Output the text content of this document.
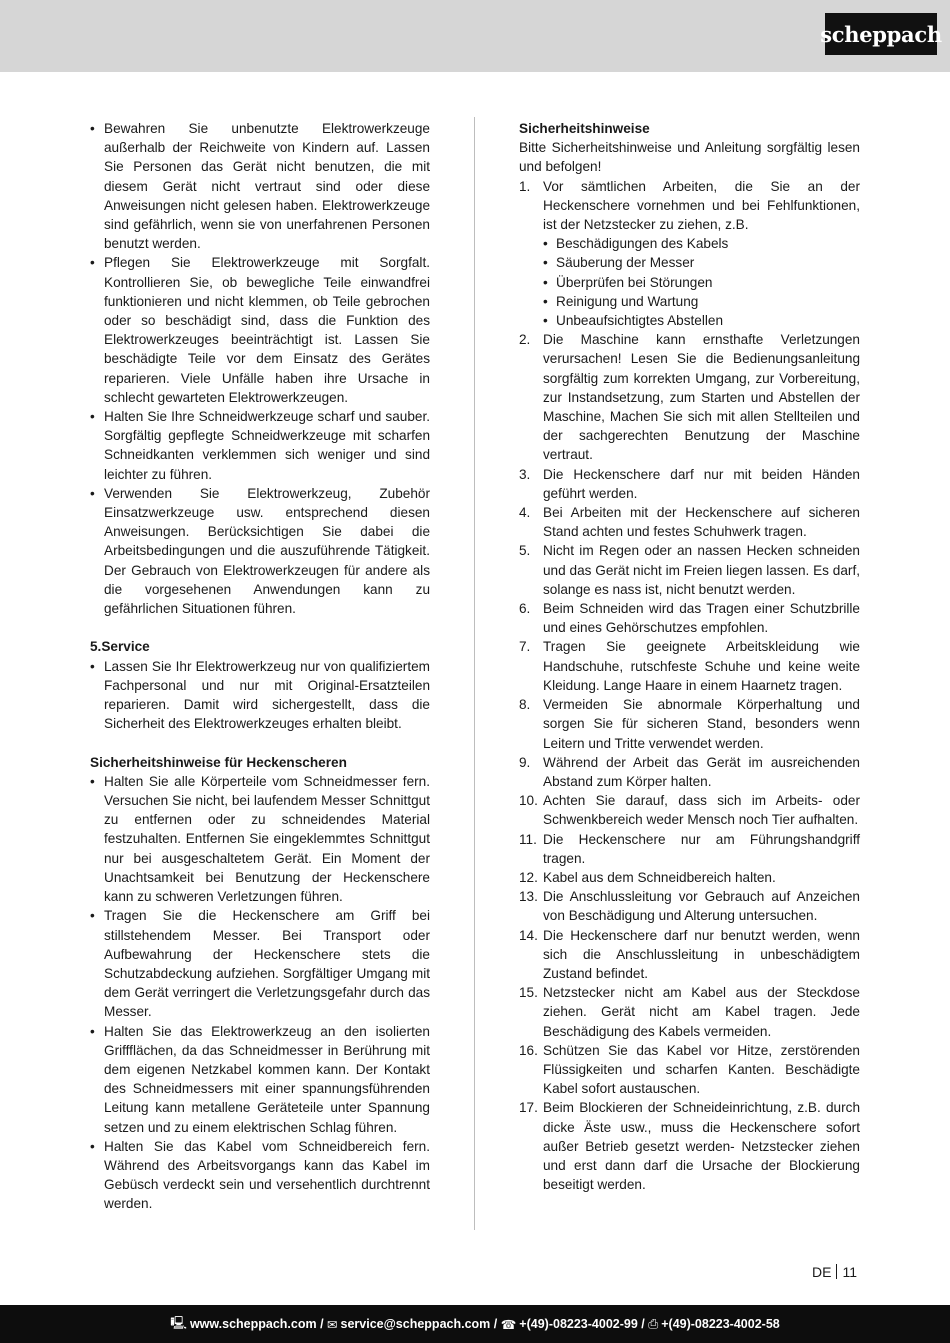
scheppach
• Bewahren Sie unbenutzte Elektrowerkzeuge außerhalb der Reichweite von Kindern auf. Lassen Sie Personen das Gerät nicht benutzen, die mit diesem Gerät nicht vertraut sind oder diese Anweisungen nicht gelesen haben. Elektrowerkzeuge sind gefährlich, wenn sie von unerfahrenen Personen benutzt werden.
• Pflegen Sie Elektrowerkzeuge mit Sorgfalt. Kontrollieren Sie, ob bewegliche Teile einwandfrei funktionieren und nicht klemmen, ob Teile gebrochen oder so beschädigt sind, dass die Funktion des Elektrowerkzeuges beeinträchtigt ist. Lassen Sie beschädigte Teile vor dem Einsatz des Gerätes reparieren. Viele Unfälle haben ihre Ursache in schlecht gewarteten Elektrowerkzeugen.
• Halten Sie Ihre Schneidwerkzeuge scharf und sauber. Sorgfältig gepflegte Schneidwerkzeuge mit scharfen Schneidkanten verklemmen sich weniger und sind leichter zu führen.
• Verwenden Sie Elektrowerkzeug, Zubehör Einsatzwerkzeuge usw. entsprechend diesen Anweisungen. Berücksichtigen Sie dabei die Arbeitsbedingungen und die auszuführende Tätigkeit. Der Gebrauch von Elektrowerkzeugen für andere als die vorgesehenen Anwendungen kann zu gefährlichen Situationen führen.

5.Service

• Lassen Sie Ihr Elektrowerkzeug nur von qualifiziertem Fachpersonal und nur mit Original-Ersatzteilen reparieren. Damit wird sichergestellt, dass die Sicherheit des Elektrowerkzeuges erhalten bleibt.

Sicherheitshinweise für Heckenscheren

• Halten Sie alle Körperteile vom Schneidmesser fern. Versuchen Sie nicht, bei laufendem Messer Schnittgut zu entfernen oder zu schneidendes Material festzuhalten. Entfernen Sie eingeklemmtes Schnittgut nur bei ausgeschaltetem Gerät. Ein Moment der Unachtsamkeit bei Benutzung der Heckenschere kann zu schweren Verletzungen führen.
• Tragen Sie die Heckenschere am Griff bei stillstehendem Messer. Bei Transport oder Aufbewahrung der Heckenschere stets die Schutzabdeckung aufziehen. Sorgfältiger Umgang mit dem Gerät verringert die Verletzungsgefahr durch das Messer.
• Halten Sie das Elektrowerkzeug an den isolierten Griffflächen, da das Schneidmesser in Berührung mit dem eigenen Netzkabel kommen kann. Der Kontakt des Schneidmessers mit einer spannungsführenden Leitung kann metallene Geräteteile unter Spannung setzen und zu einem elektrischen Schlag führen.
• Halten Sie das Kabel vom Schneidbereich fern. Während des Arbeitsvorgangs kann das Kabel im Gebüsch verdeckt sein und versehentlich durchtrennt werden.

Sicherheitshinweise

Bitte Sicherheitshinweise und Anleitung sorgfältig lesen und befolgen!

1. Vor sämtlichen Arbeiten, die Sie an der Heckenschere vornehmen und bei Fehlfunktionen, ist der Netzstecker zu ziehen, z.B.
• Beschädigungen des Kabels
• Säuberung der Messer
• Überprüfen bei Störungen
• Reinigung und Wartung
• Unbeaufsichtigtes Abstellen
2. Die Maschine kann ernsthafte Verletzungen verursachen! Lesen Sie die Bedienungsanleitung sorgfältig zum korrekten Umgang, zur Vorbereitung, zur Instandsetzung, zum Starten und Abstellen der Maschine, Machen Sie sich mit allen Stellteilen und der sachgerechten Benutzung der Maschine vertraut.
3. Die Heckenschere darf nur mit beiden Händen geführt werden.
4. Bei Arbeiten mit der Heckenschere auf sicheren Stand achten und festes Schuhwerk tragen.
5. Nicht im Regen oder an nassen Hecken schneiden und das Gerät nicht im Freien liegen lassen. Es darf, solange es nass ist, nicht benutzt werden.
6. Beim Schneiden wird das Tragen einer Schutzbrille und eines Gehörschutzes empfohlen.
7. Tragen Sie geeignete Arbeitskleidung wie Handschuhe, rutschfeste Schuhe und keine weite Kleidung. Lange Haare in einem Haarnetz tragen.
8. Vermeiden Sie abnormale Körperhaltung und sorgen Sie für sicheren Stand, besonders wenn Leitern und Tritte verwendet werden.
9. Während der Arbeit das Gerät im ausreichenden Abstand zum Körper halten.
10. Achten Sie darauf, dass sich im Arbeits- oder Schwenkbereich weder Mensch noch Tier aufhalten.
11. Die Heckenschere nur am Führungshandgriff tragen.
12. Kabel aus dem Schneidbereich halten.
13. Die Anschlussleitung vor Gebrauch auf Anzeichen von Beschädigung und Alterung untersuchen.
14. Die Heckenschere darf nur benutzt werden, wenn sich die Anschlussleitung in unbeschädigtem Zustand befindet.
15. Netzstecker nicht am Kabel aus der Steckdose ziehen. Gerät nicht am Kabel tragen. Jede Beschädigung des Kabels vermeiden.
16. Schützen Sie das Kabel vor Hitze, zerstörenden Flüssigkeiten und scharfen Kanten. Beschädigte Kabel sofort austauschen.
17. Beim Blockieren der Schneideinrichtung, z.B. durch dicke Äste usw., muss die Heckenschere sofort außer Betrieb gesetzt werden- Netzstecker ziehen und erst dann darf die Ursache der Blockierung beseitigt werden.
DE 11
🖳 www.scheppach.com /
✉ service@scheppach.com /
☎ +(49)-08223-4002-99 /
⎙ +(49)-08223-4002-58
